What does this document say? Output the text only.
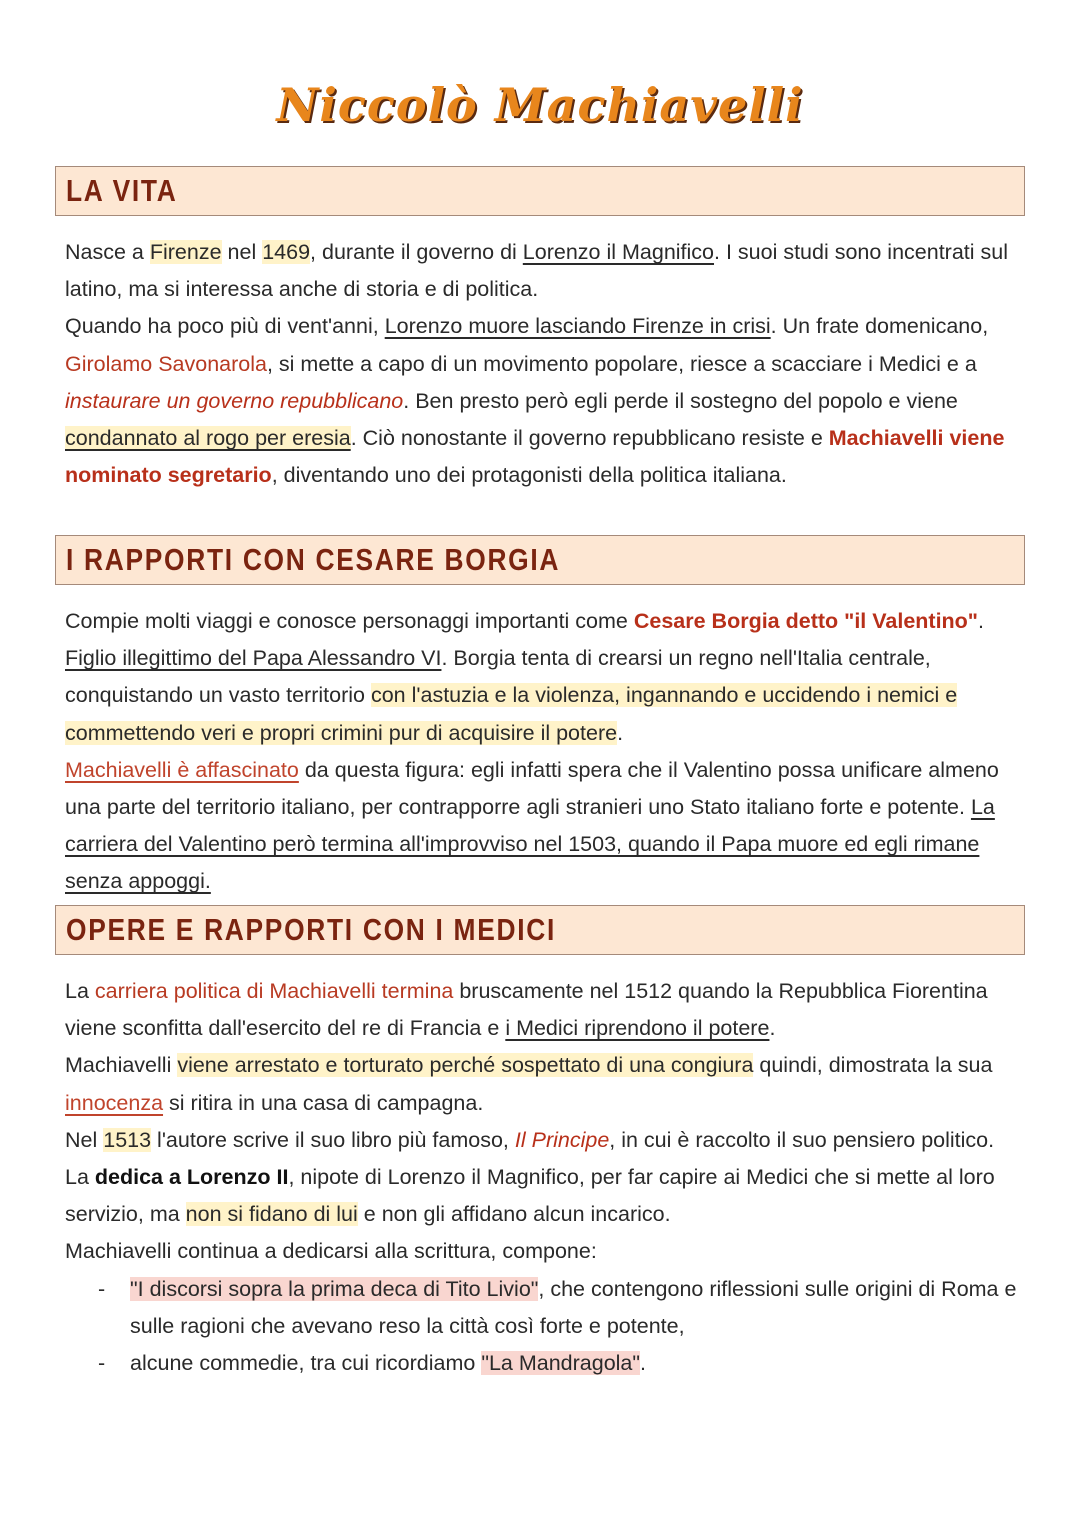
Niccolò Machiavelli
LA VITA

Nasce a Firenze nel 1469, durante il governo di Lorenzo il Magnifico. I suoi studi sono incentrati sul latino, ma si interessa anche di storia e di politica.

Quando ha poco più di vent'anni, Lorenzo muore lasciando Firenze in crisi. Un frate domenicano, Girolamo Savonarola, si mette a capo di un movimento popolare, riesce a scacciare i Medici e a instaurare un governo repubblicano. Ben presto però egli perde il sostegno del popolo e viene condannato al rogo per eresia. Ciò nonostante il governo repubblicano resiste e Machiavelli viene nominato segretario, diventando uno dei protagonisti della politica italiana.

I RAPPORTI CON CESARE BORGIA

Compie molti viaggi e conosce personaggi importanti come Cesare Borgia detto "il Valentino". Figlio illegittimo del Papa Alessandro VI. Borgia tenta di crearsi un regno nell'Italia centrale, conquistando un vasto territorio con l'astuzia e la violenza, ingannando e uccidendo i nemici e commettendo veri e propri crimini pur di acquisire il potere.

Machiavelli è affascinato da questa figura: egli infatti spera che il Valentino possa unificare almeno una parte del territorio italiano, per contrapporre agli stranieri uno Stato italiano forte e potente. La carriera del Valentino però termina all'improvviso nel 1503, quando il Papa muore ed egli rimane senza appoggi.

OPERE E RAPPORTI CON I MEDICI

La carriera politica di Machiavelli termina bruscamente nel 1512 quando la Repubblica Fiorentina viene sconfitta dall'esercito del re di Francia e i Medici riprendono il potere.

Machiavelli viene arrestato e torturato perché sospettato di una congiura quindi, dimostrata la sua innocenza si ritira in una casa di campagna.

Nel 1513 l'autore scrive il suo libro più famoso, Il Principe, in cui è raccolto il suo pensiero politico. La dedica a Lorenzo II, nipote di Lorenzo il Magnifico, per far capire ai Medici che si mette al loro servizio, ma non si fidano di lui e non gli affidano alcun incarico.

Machiavelli continua a dedicarsi alla scrittura, compone:

- "I discorsi sopra la prima deca di Tito Livio", che contengono riflessioni sulle origini di Roma e sulle ragioni che avevano reso la città così forte e potente,
- alcune commedie, tra cui ricordiamo "La Mandragola".
